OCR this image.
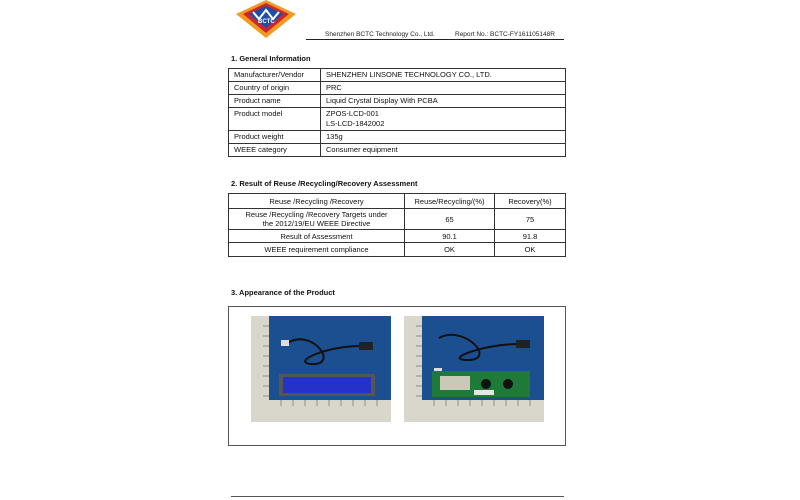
BCTC
Shenzhen BCTC Technology Co., Ltd.	Report No.: BCTC-FY161105148R
1. General Information
Manufacturer/Vendor	SHENZHEN LINSONE TECHNOLOGY CO., LTD.
Country of origin	PRC
Product name	Liquid Crystal Display With PCBA
Product model	ZPOS-LCD-001
LS-LCD-1842002

Product weight	135g
WEEE category	Consumer equipment
2. Result of Reuse /Recycling/Recovery Assessment
Reuse /Recycling /Recovery	Reuse/Recycling/(%)	Recovery(%)

Reuse /Recycling /Recovery Targets under
the 2012/19/EU WEEE Directive	65	75
Result of Assessment	90.1	91.8
WEEE requirement compliance	OK	OK
3. Appearance of the Product
